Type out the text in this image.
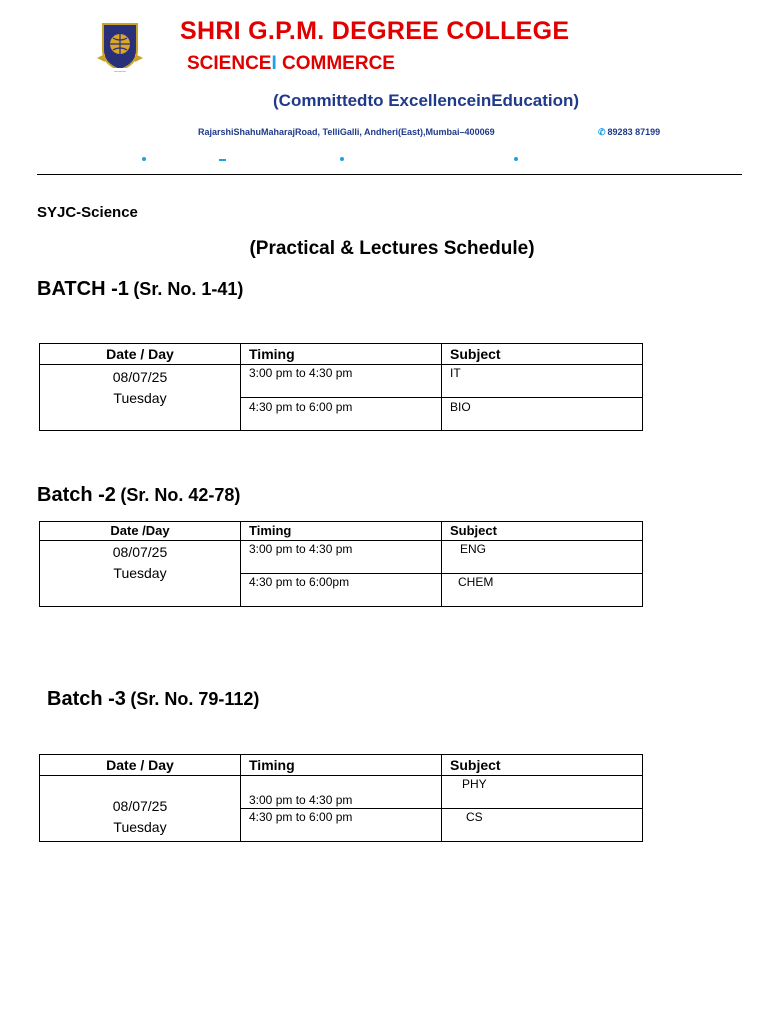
———
SHRI G.P.M. DEGREE COLLEGE
SCIENCEI COMMERCE
(Committedto ExcellenceinEducation)
RajarshiShahuMaharajRoad, TelliGalli, Andheri(East),Mumbai–400069	✆ 89283 87199
SYJC-Science
(Practical & Lectures Schedule)
BATCH -1 (Sr. No. 1-41)
Date / Day	Timing	Subject

08/07/25
Tuesday	3:00 pm to 4:30 pm	IT
	4:30 pm to 6:00 pm	BIO
Batch -2 (Sr. No. 42-78)
Date /Day	Timing	Subject

08/07/25
Tuesday	3:00 pm to 4:30 pm	ENG
	4:30 pm to 6:00pm	CHEM
Batch -3 (Sr. No. 79-112)
Date / Day	Timing	Subject

08/07/25
Tuesday	3:00 pm to 4:30 pm	PHY
	4:30 pm to 6:00 pm	CS
